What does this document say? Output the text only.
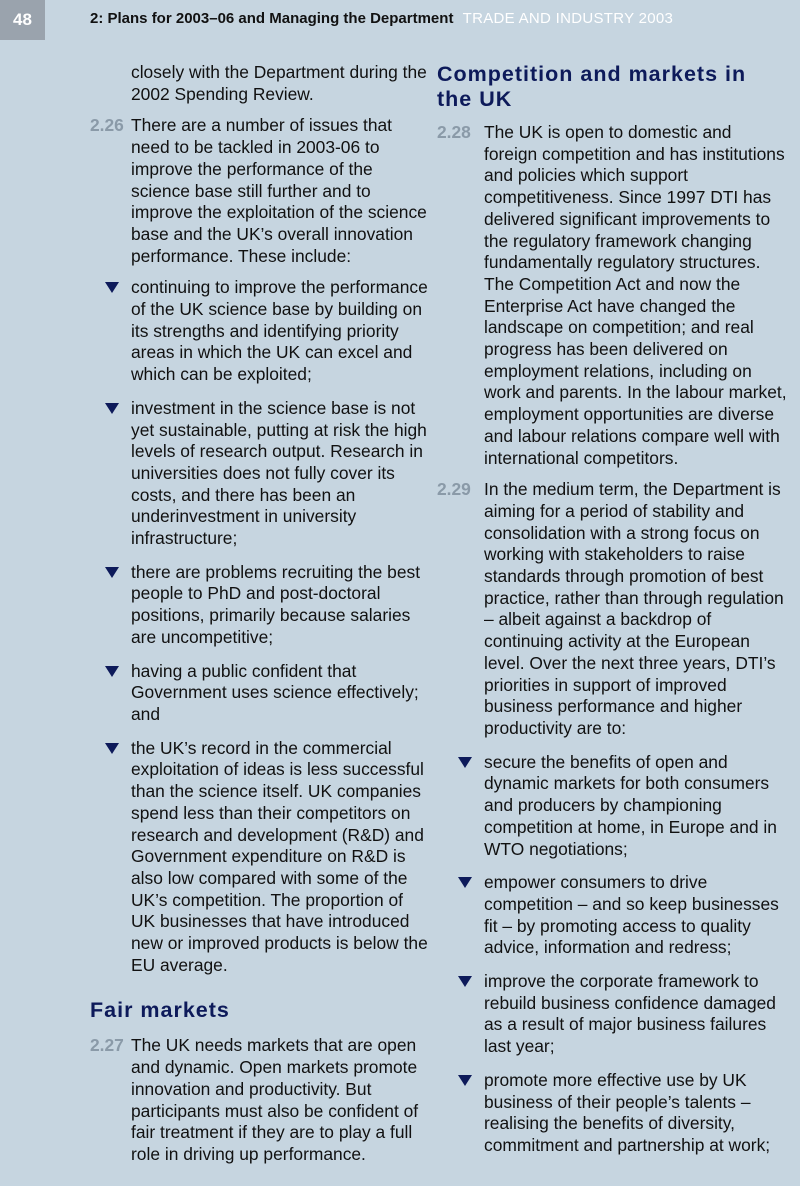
48	2: Plans for 2003–06 and Managing the Department TRADE AND INDUSTRY 2003

closely with the Department during the 2002 Spending Review.

2.26 There are a number of issues that need to be tackled in 2003-06 to improve the performance of the science base still further and to improve the exploitation of the science base and the UK’s overall innovation performance. These include:

continuing to improve the performance of the UK science base by building on its strengths and identifying priority areas in which the UK can excel and which can be exploited;

investment in the science base is not yet sustainable, putting at risk the high levels of research output. Research in universities does not fully cover its costs, and there has been an underinvestment in university infrastructure;

there are problems recruiting the best people to PhD and post-doctoral positions, primarily because salaries are uncompetitive;

having a public confident that Government uses science effectively; and

the UK’s record in the commercial exploitation of ideas is less successful than the science itself. UK companies spend less than their competitors on research and development (R&D) and Government expenditure on R&D is also low compared with some of the UK’s competition. The proportion of UK businesses that have introduced new or improved products is below the EU average.

Fair markets
2.27 The UK needs markets that are open and dynamic. Open markets promote innovation and productivity. But participants must also be confident of fair treatment if they are to play a full role in driving up performance.

Competition and markets in the UK
2.28 The UK is open to domestic and foreign competition and has institutions and policies which support competitiveness. Since 1997 DTI has delivered significant improvements to the regulatory framework changing fundamentally regulatory structures. The Competition Act and now the Enterprise Act have changed the landscape on competition; and real progress has been delivered on employment relations, including on work and parents. In the labour market, employment opportunities are diverse and labour relations compare well with international competitors.

2.29 In the medium term, the Department is aiming for a period of stability and consolidation with a strong focus on working with stakeholders to raise standards through promotion of best practice, rather than through regulation – albeit against a backdrop of continuing activity at the European level. Over the next three years, DTI’s priorities in support of improved business performance and higher productivity are to:

secure the benefits of open and dynamic markets for both consumers and producers by championing competition at home, in Europe and in WTO negotiations;

empower consumers to drive competition – and so keep businesses fit – by promoting access to quality advice, information and redress;

improve the corporate framework to rebuild business confidence damaged as a result of major business failures last year;

promote more effective use by UK business of their people’s talents – realising the benefits of diversity, commitment and partnership at work;
